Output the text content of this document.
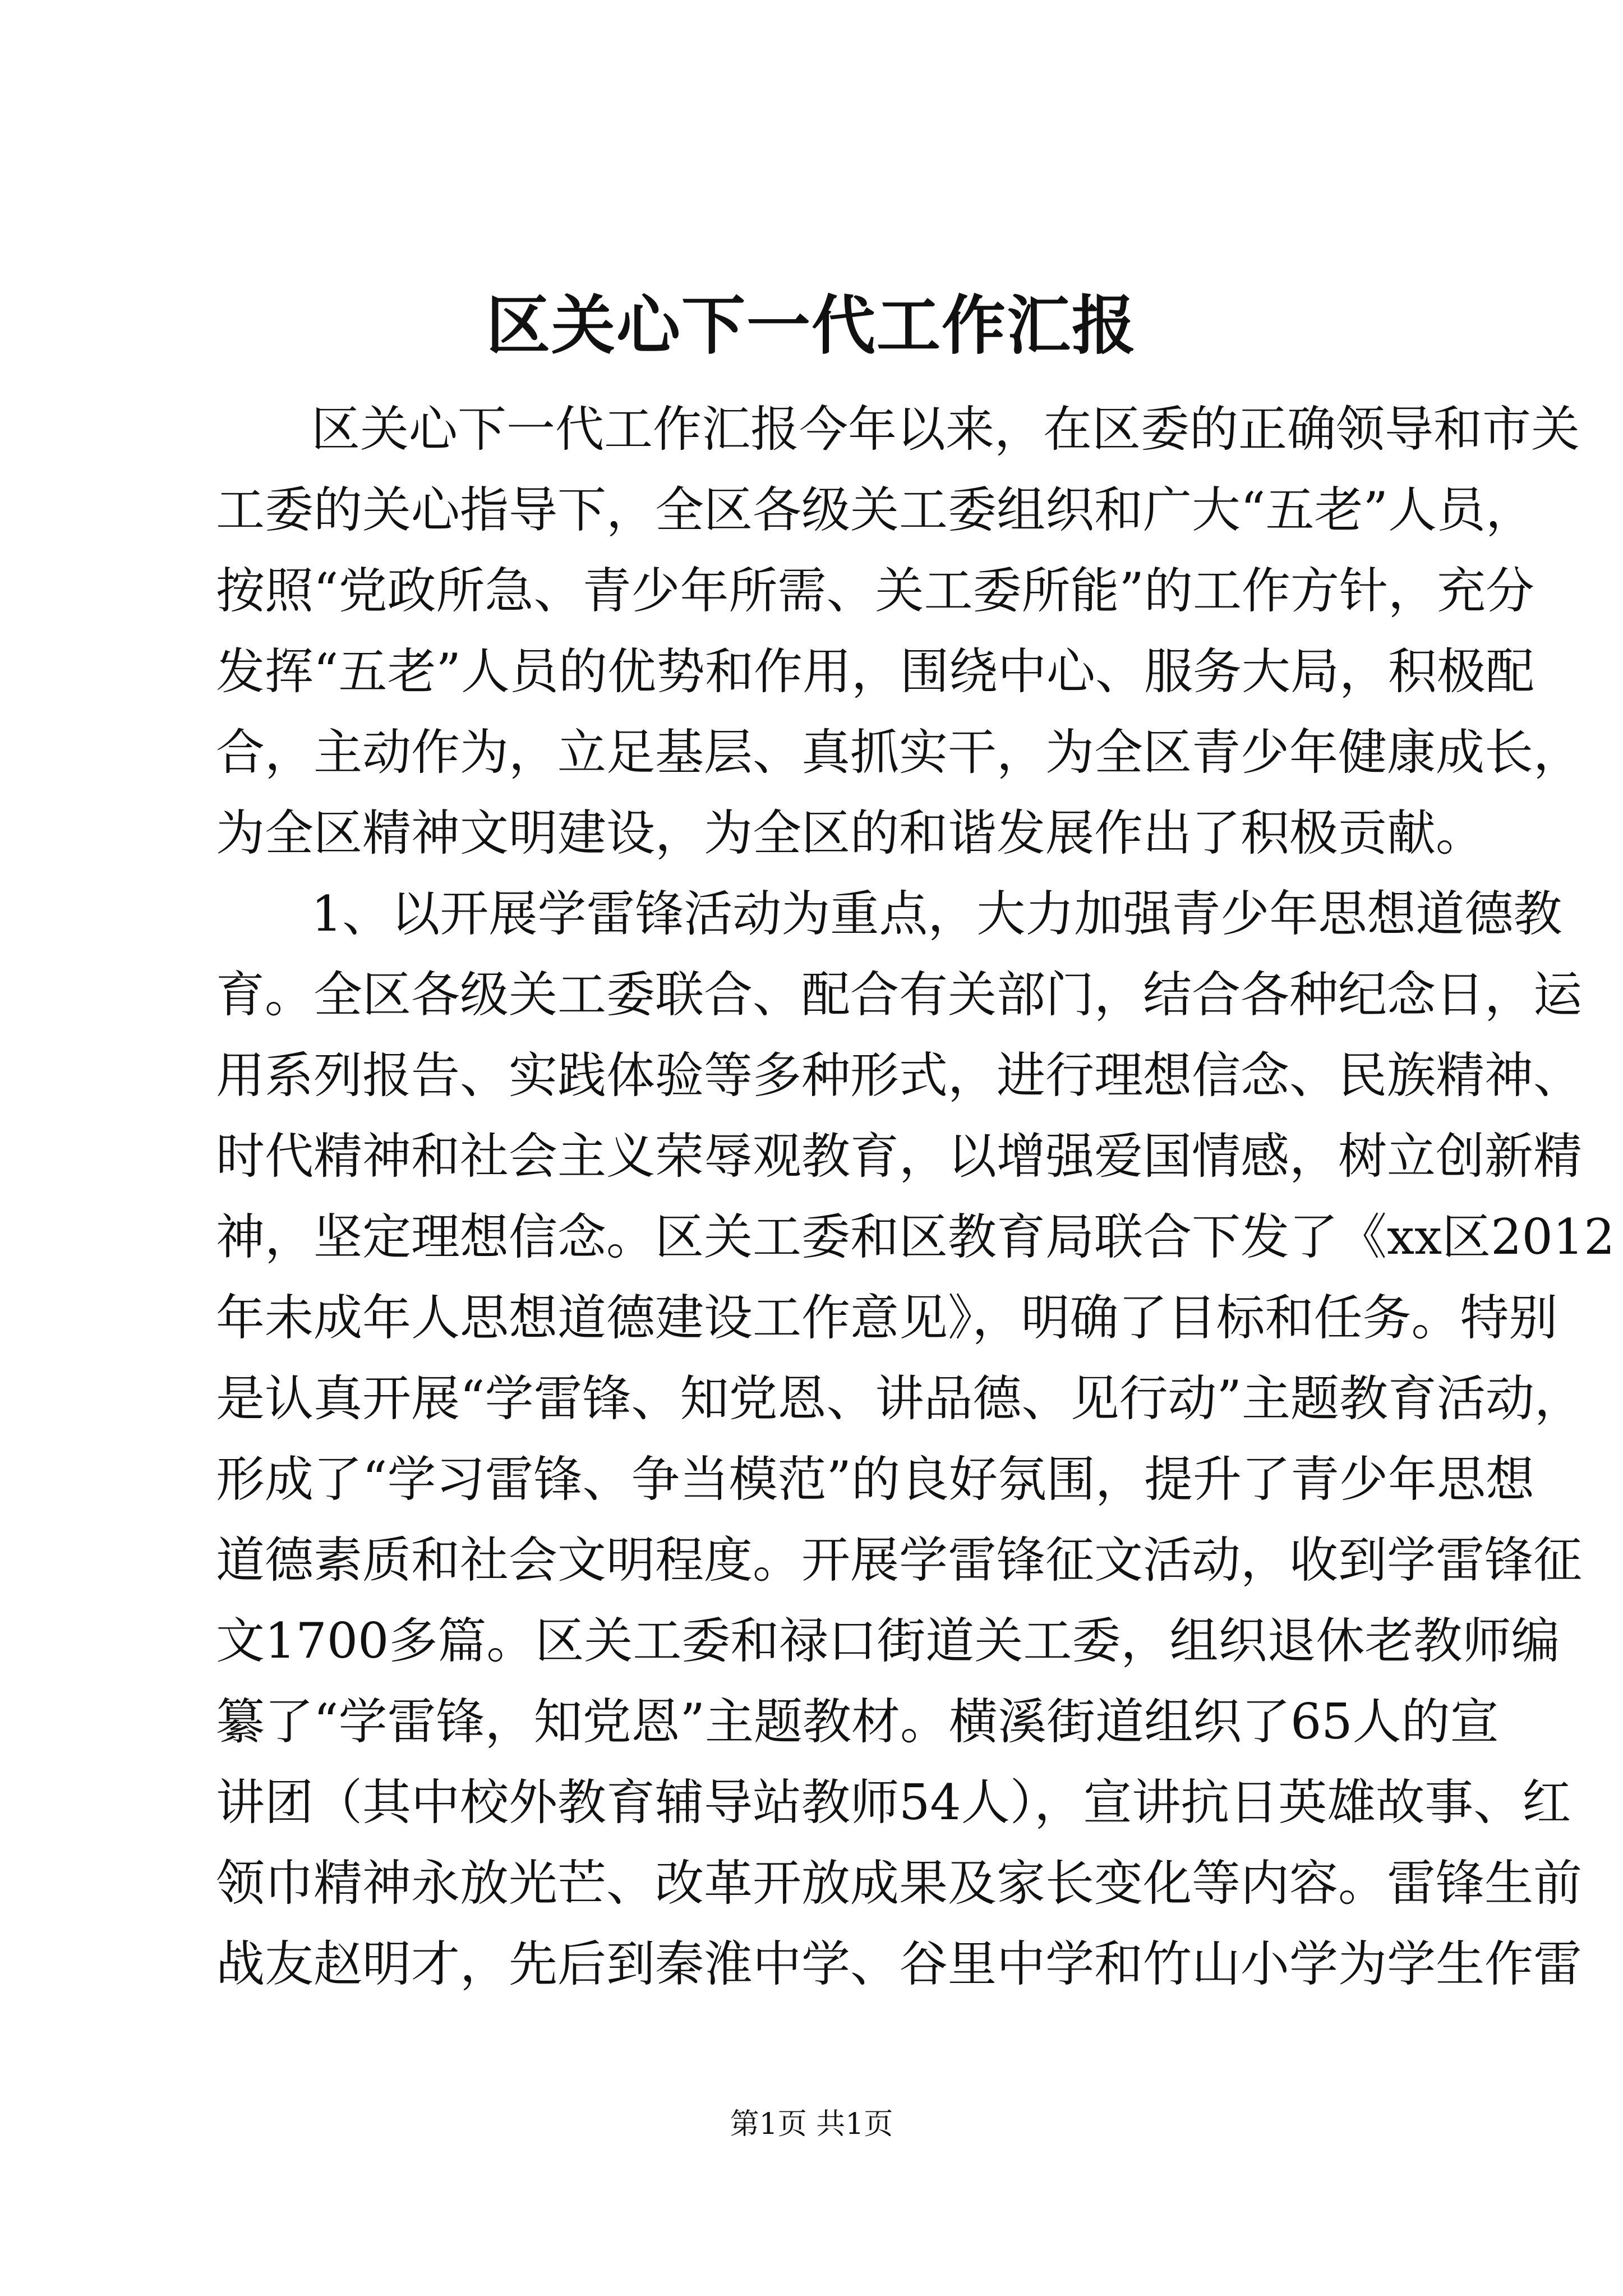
区关心下一代工作汇报
区关心下一代工作汇报今年以来，在区委的正确领导和市关
工委的关心指导下，全区各级关工委组织和广大“五老”人员，
按照“党政所急、青少年所需、关工委所能”的工作方针，充分
发挥“五老”人员的优势和作用，围绕中心、服务大局，积极配
合，主动作为，立足基层、真抓实干，为全区青少年健康成长，
为全区精神文明建设，为全区的和谐发展作出了积极贡献。
1、以开展学雷锋活动为重点，大力加强青少年思想道德教
育。全区各级关工委联合、配合有关部门，结合各种纪念日，运
用系列报告、实践体验等多种形式，进行理想信念、民族精神、
时代精神和社会主义荣辱观教育，以增强爱国情感，树立创新精
神，坚定理想信念。区关工委和区教育局联合下发了《xx区2012
年未成年人思想道德建设工作意见》，明确了目标和任务。特别
是认真开展“学雷锋、知党恩、讲品德、见行动”主题教育活动，
形成了“学习雷锋、争当模范”的良好氛围，提升了青少年思想
道德素质和社会文明程度。开展学雷锋征文活动，收到学雷锋征
文1700多篇。区关工委和禄口街道关工委，组织退休老教师编
纂了“学雷锋，知党恩”主题教材。横溪街道组织了65人的宣
讲团（其中校外教育辅导站教师54人），宣讲抗日英雄故事、红
领巾精神永放光芒、改革开放成果及家长变化等内容。雷锋生前
战友赵明才，先后到秦淮中学、谷里中学和竹山小学为学生作雷
第1页 共1页
